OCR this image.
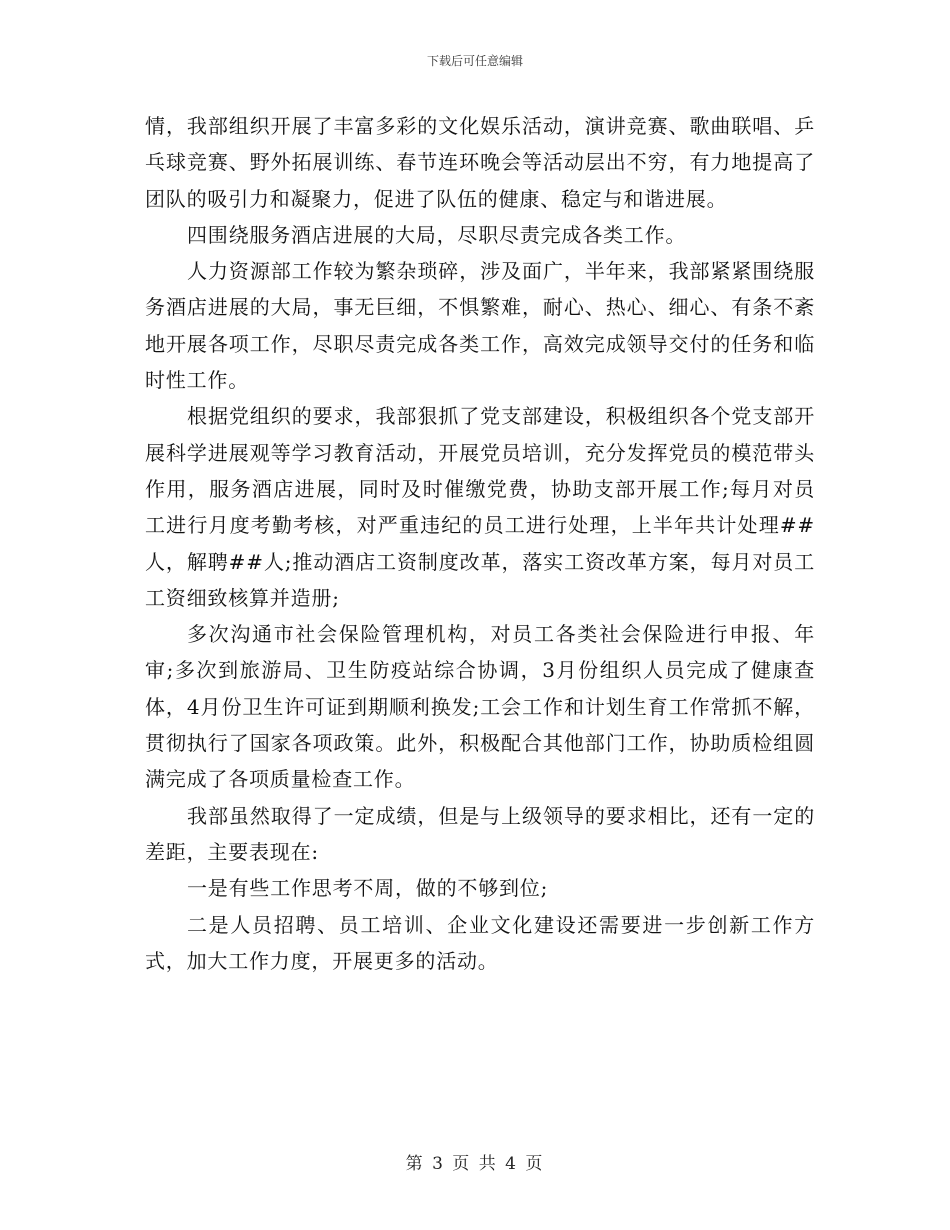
下载后可任意编辑

情，我部组织开展了丰富多彩的文化娱乐活动，演讲竞赛、歌曲联唱、乒乓球竞赛、野外拓展训练、春节连环晚会等活动层出不穷，有力地提高了团队的吸引力和凝聚力，促进了队伍的健康、稳定与和谐进展。

四围绕服务酒店进展的大局，尽职尽责完成各类工作。

人力资源部工作较为繁杂琐碎，涉及面广，半年来，我部紧紧围绕服务酒店进展的大局，事无巨细，不惧繁难，耐心、热心、细心、有条不紊地开展各项工作，尽职尽责完成各类工作，高效完成领导交付的任务和临时性工作。

根据党组织的要求，我部狠抓了党支部建设，积极组织各个党支部开展科学进展观等学习教育活动，开展党员培训，充分发挥党员的模范带头作用，服务酒店进展，同时及时催缴党费，协助支部开展工作;每月对员工进行月度考勤考核，对严重违纪的员工进行处理，上半年共计处理##人，解聘##人;推动酒店工资制度改革，落实工资改革方案，每月对员工工资细致核算并造册;

多次沟通市社会保险管理机构，对员工各类社会保险进行申报、年审;多次到旅游局、卫生防疫站综合协调，3月份组织人员完成了健康查体，4月份卫生许可证到期顺利换发;工会工作和计划生育工作常抓不解，贯彻执行了国家各项政策。此外，积极配合其他部门工作，协助质检组圆满完成了各项质量检查工作。

我部虽然取得了一定成绩，但是与上级领导的要求相比，还有一定的差距，主要表现在:

一是有些工作思考不周，做的不够到位;

二是人员招聘、员工培训、企业文化建设还需要进一步创新工作方式，加大工作力度，开展更多的活动。

第 3 页 共 4 页
